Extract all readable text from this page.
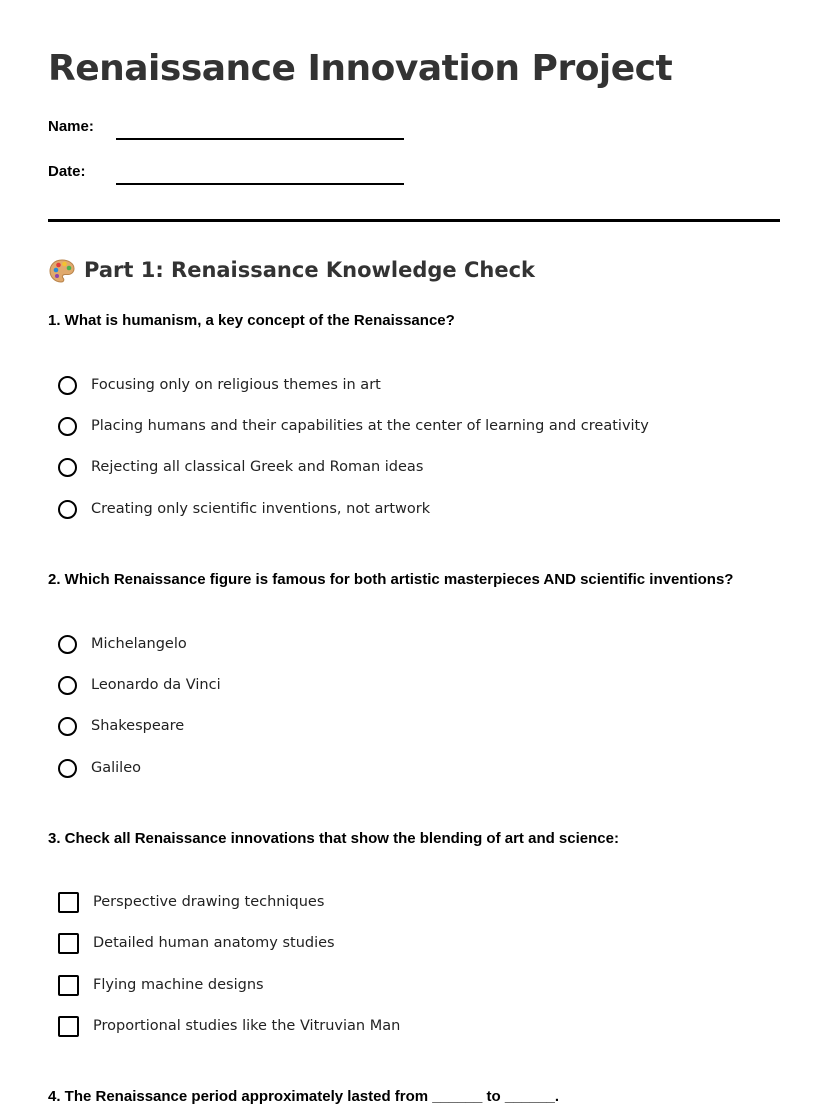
Renaissance Innovation Project
Name:
Date:
Part 1: Renaissance Knowledge Check

1. What is humanism, a key concept of the Renaissance?

Focusing only on religious themes in art
Placing humans and their capabilities at the center of learning and creativity
Rejecting all classical Greek and Roman ideas
Creating only scientific inventions, not artwork

2. Which Renaissance figure is famous for both artistic masterpieces AND scientific inventions?

Michelangelo
Leonardo da Vinci
Shakespeare
Galileo

3. Check all Renaissance innovations that show the blending of art and science:

Perspective drawing techniques
Detailed human anatomy studies
Flying machine designs
Proportional studies like the Vitruvian Man

4. The Renaissance period approximately lasted from ______ to ______.
